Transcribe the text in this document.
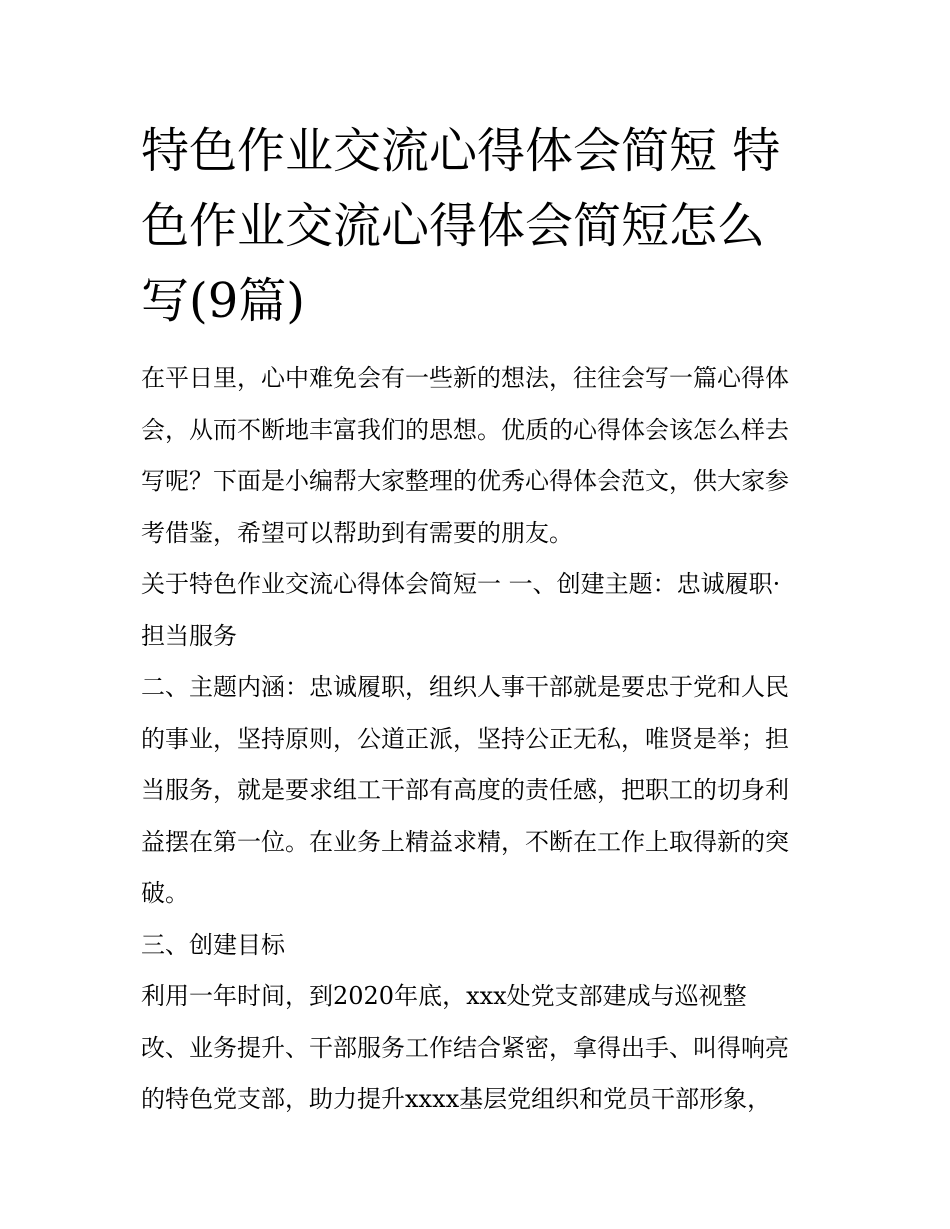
特色作业交流心得体会简短 特
色作业交流心得体会简短怎么
写(9篇)

在平日里，心中难免会有一些新的想法，往往会写一篇心得体
会，从而不断地丰富我们的思想。优质的心得体会该怎么样去
写呢？下面是小编帮大家整理的优秀心得体会范文，供大家参
考借鉴，希望可以帮助到有需要的朋友。

关于特色作业交流心得体会简短一 一、创建主题：忠诚履职·
担当服务

二、主题内涵：忠诚履职，组织人事干部就是要忠于党和人民
的事业，坚持原则，公道正派，坚持公正无私，唯贤是举；担
当服务，就是要求组工干部有高度的责任感，把职工的切身利
益摆在第一位。在业务上精益求精，不断在工作上取得新的突
破。

三、创建目标

利用一年时间，到2020年底，xxx处党支部建成与巡视整

改、业务提升、干部服务工作结合紧密，拿得出手、叫得响亮
的特色党支部，助力提升xxxx基层党组织和党员干部形象，
